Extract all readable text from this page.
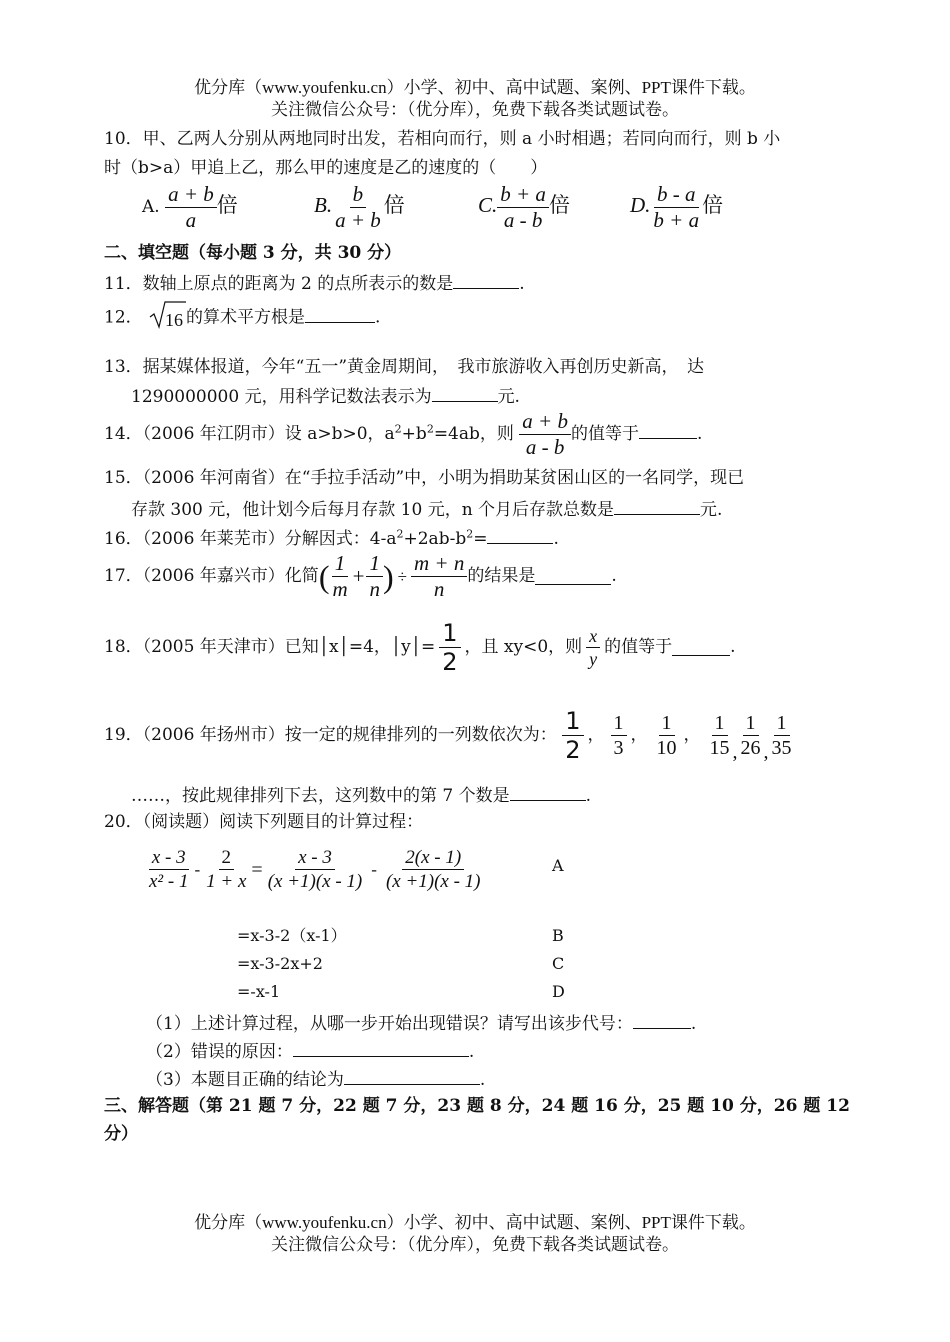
优分库（www.youfenku.cn）小学、初中、高中试题、案例、PPT课件下载。
关注微信公众号：（优分库），免费下载各类试题试卷。
10．甲、乙两人分别从两地同时出发，若相向而行，则 a 小时相遇；若同向而行，则 b 小
时（b>a）甲追上乙，那么甲的速度是乙的速度的（　　）
A. $\frac{a + b}{a}$ 倍	B. $\frac{b}{a + b}$ 倍	C. $\frac{b + a}{a - b}$ 倍	D. $\frac{b - a}{b + a}$ 倍
二、填空题（每小题 3 分，共 30 分）
11．数轴上原点的距离为 2 的点所表示的数是	.
12． 16 的算术平方根是	.
13．据某媒体报道，今年“五一”黄金周期间，　我市旅游收入再创历史新高，　达
1290000000 元，用科学记数法表示为	元.
14．（2006 年江阴市）设 a>b>0，$a^2+b^2=4ab$，则 $\frac{a + b}{a - b}$ 的值等于	.
15．（2006 年河南省）在“手拉手活动”中，小明为捐助某贫困山区的一名同学，现已
存款 300 元，他计划今后每月存款 10 元，n 个月后存款总数是	元.
16．（2006 年莱芜市）分解因式：$4-a^2+2ab-b^2=$	.
17．（2006 年嘉兴市）化简( $\frac{1}{m} + \frac{1}{n}$ ) ÷ $\frac{m + n}{n}$ 的结果是	.
18．（2005 年天津市）已知│x│=4，│y│= $\frac{1}{2}$ ，且 xy<0，则 $\frac{x}{y}$ 的值等于	.
19．（2006 年扬州市）按一定的规律排列的一列数依次为： $\frac{1}{2}$ ， $\frac{1}{3}$ ， $\frac{1}{10}$ ， $\frac{1}{15}$ , $\frac{1}{26}$ , $\frac{1}{35}$
……，按此规律排列下去，这列数中的第 7 个数是	.
20．（阅读题）阅读下列题目的计算过程：
$\frac{x - 3}{\text{x² - 1}} - \frac{2}{1 + x} = \frac{x - 3}{(x +1)(x - 1)} - \frac{2(x - 1)}{(x +1)(x - 1)}$	A
=x-3-2（x-1）	B
=x-3-2x+2	C
=-x-1	D
（1）上述计算过程，从哪一步开始出现错误？请写出该步代号：	.
（2）错误的原因：	.
（3）本题目正确的结论为	.
三、解答题（第 21 题 7 分，22 题 7 分，23 题 8 分，24 题 16 分，25 题 10 分，26 题 12
分）
优分库（www.youfenku.cn）小学、初中、高中试题、案例、PPT课件下载。
关注微信公众号：（优分库），免费下载各类试题试卷。
